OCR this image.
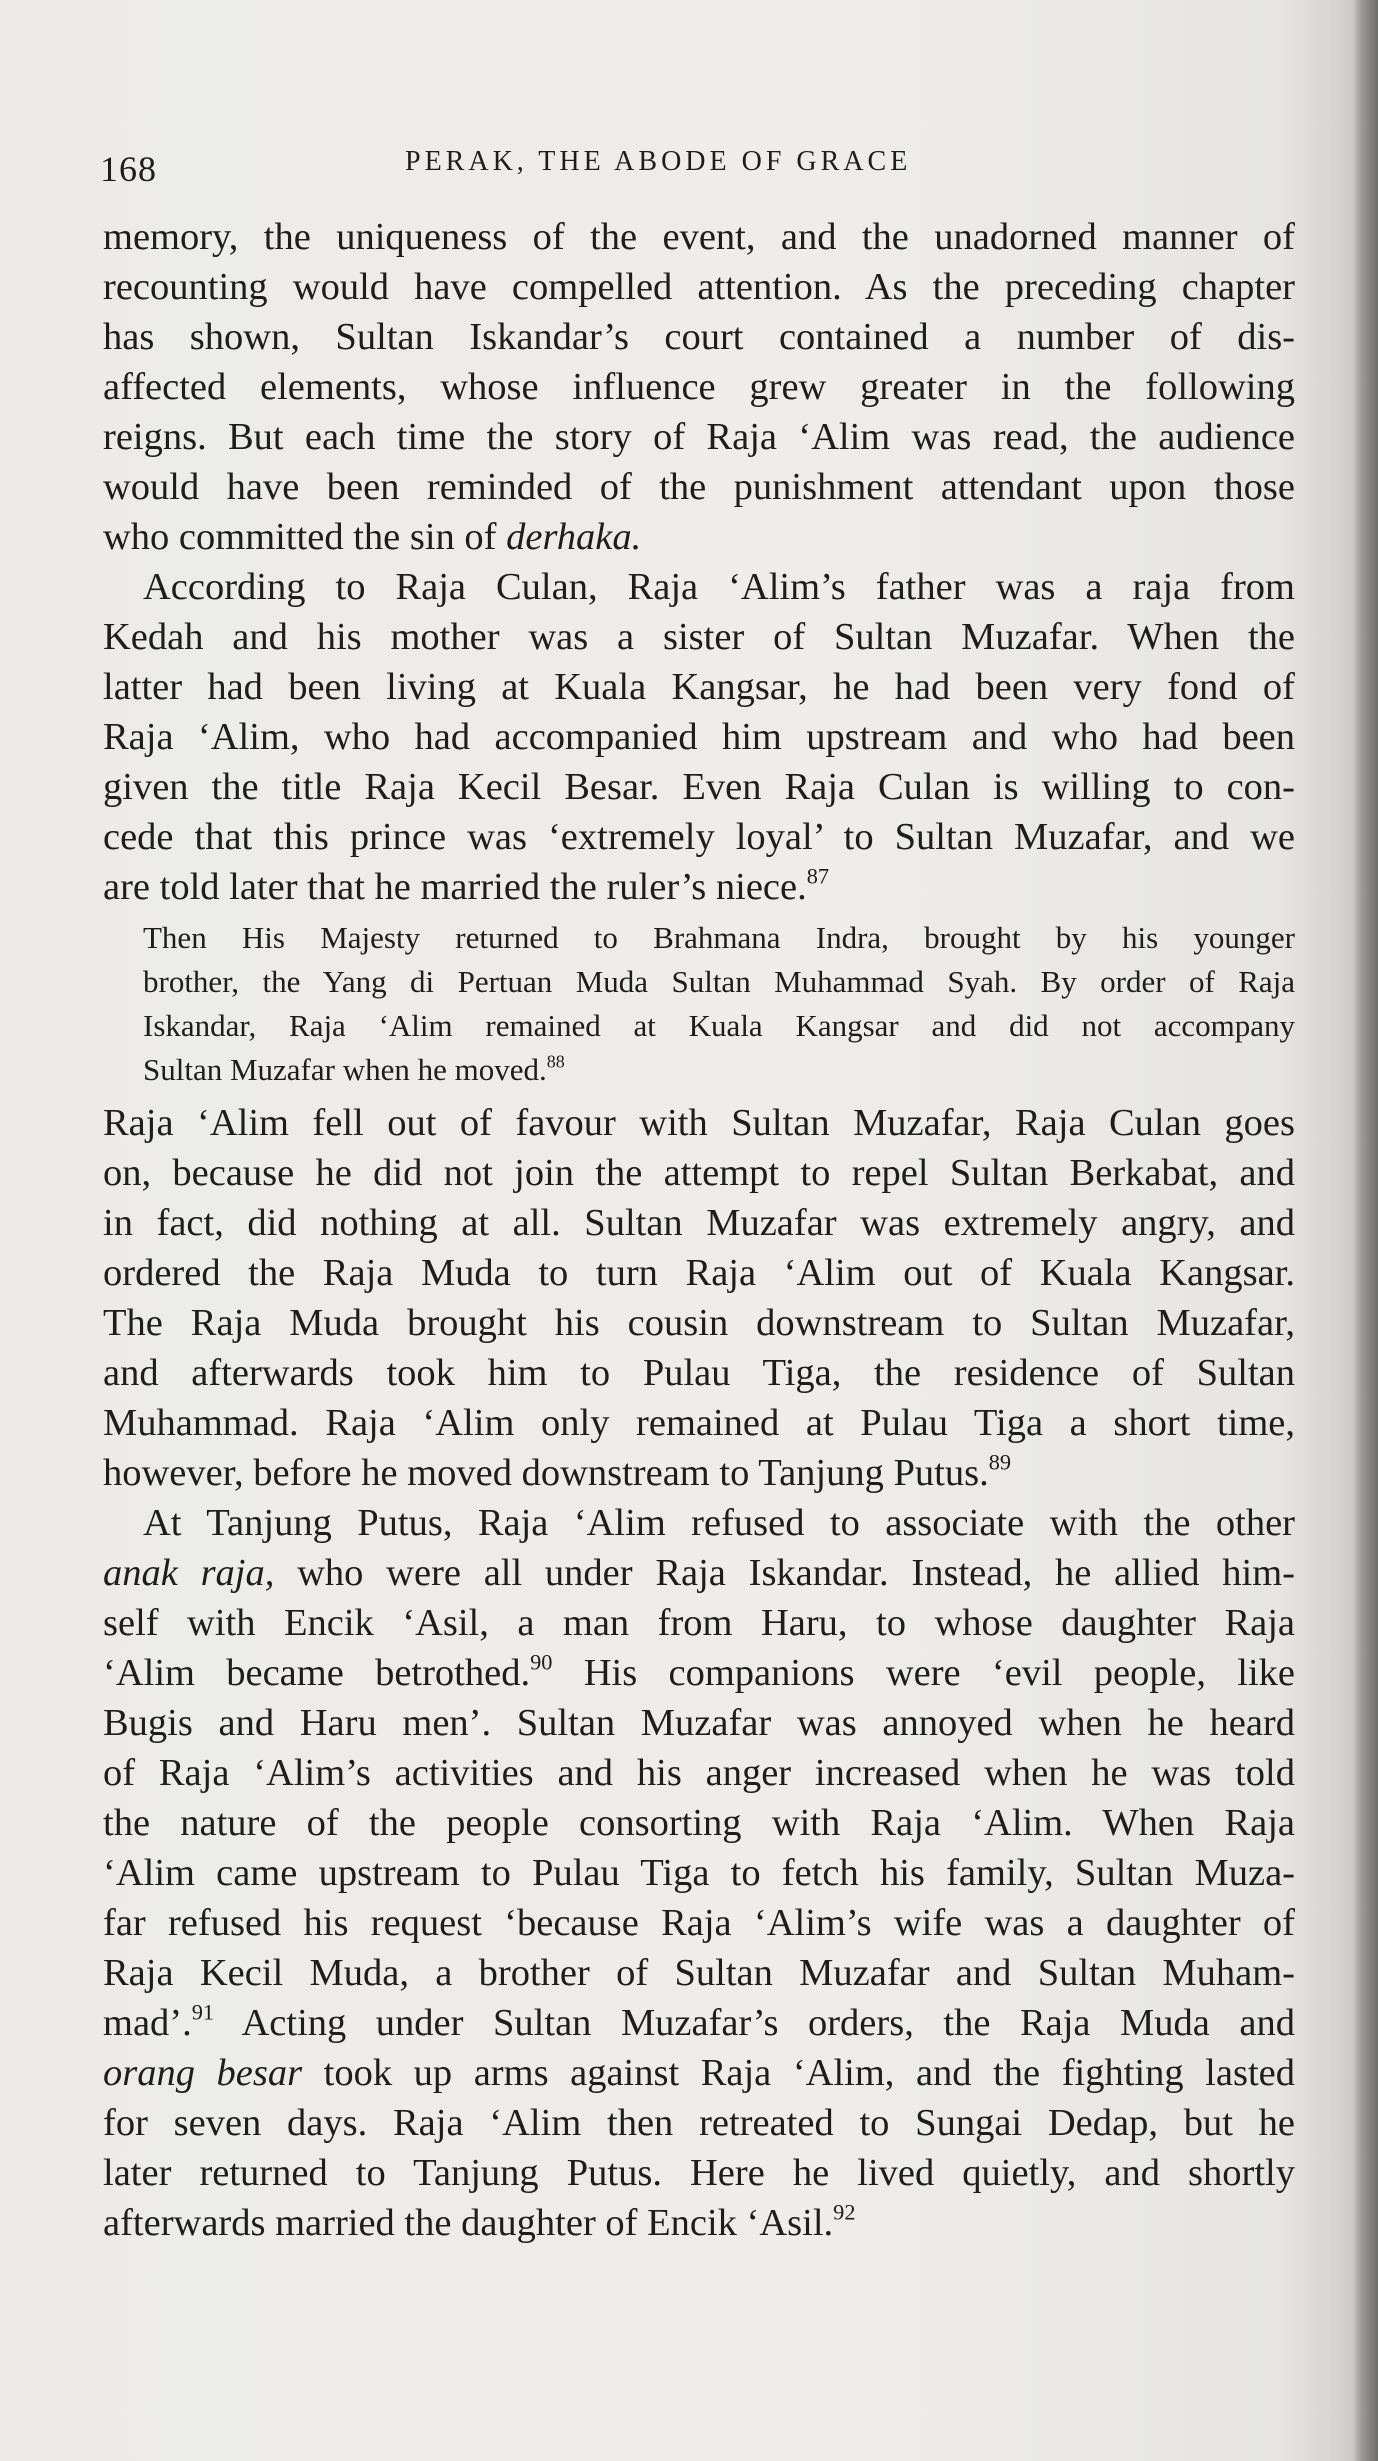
168	PERAK, THE ABODE OF GRACE
memory, the uniqueness of the event, and the unadorned manner of
recounting would have compelled attention. As the preceding chapter
has shown, Sultan Iskandar’s court contained a number of dis-
affected elements, whose influence grew greater in the following
reigns. But each time the story of Raja ‘Alim was read, the audience
would have been reminded of the punishment attendant upon those
who committed the sin of derhaka.
According to Raja Culan, Raja ‘Alim’s father was a raja from
Kedah and his mother was a sister of Sultan Muzafar. When the
latter had been living at Kuala Kangsar, he had been very fond of
Raja ‘Alim, who had accompanied him upstream and who had been
given the title Raja Kecil Besar. Even Raja Culan is willing to con-
cede that this prince was ‘extremely loyal’ to Sultan Muzafar, and we
are told later that he married the ruler’s niece.$^{87}$
Then His Majesty returned to Brahmana Indra, brought by his younger
brother, the Yang di Pertuan Muda Sultan Muhammad Syah. By order of Raja
Iskandar, Raja ‘Alim remained at Kuala Kangsar and did not accompany
Sultan Muzafar when he moved.$^{88}$
Raja ‘Alim fell out of favour with Sultan Muzafar, Raja Culan goes
on, because he did not join the attempt to repel Sultan Berkabat, and
in fact, did nothing at all. Sultan Muzafar was extremely angry, and
ordered the Raja Muda to turn Raja ‘Alim out of Kuala Kangsar.
The Raja Muda brought his cousin downstream to Sultan Muzafar,
and afterwards took him to Pulau Tiga, the residence of Sultan
Muhammad. Raja ‘Alim only remained at Pulau Tiga a short time,
however, before he moved downstream to Tanjung Putus.$^{89}$
At Tanjung Putus, Raja ‘Alim refused to associate with the other
anak raja, who were all under Raja Iskandar. Instead, he allied him-
self with Encik ‘Asil, a man from Haru, to whose daughter Raja
‘Alim became betrothed.$^{90}$ His companions were ‘evil people, like
Bugis and Haru men’. Sultan Muzafar was annoyed when he heard
of Raja ‘Alim’s activities and his anger increased when he was told
the nature of the people consorting with Raja ‘Alim. When Raja
‘Alim came upstream to Pulau Tiga to fetch his family, Sultan Muza-
far refused his request ‘because Raja ‘Alim’s wife was a daughter of
Raja Kecil Muda, a brother of Sultan Muzafar and Sultan Muham-
mad’.$^{91}$ Acting under Sultan Muzafar’s orders, the Raja Muda and
orang besar took up arms against Raja ‘Alim, and the fighting lasted
for seven days. Raja ‘Alim then retreated to Sungai Dedap, but he
later returned to Tanjung Putus. Here he lived quietly, and shortly
afterwards married the daughter of Encik ‘Asil.$^{92}$
